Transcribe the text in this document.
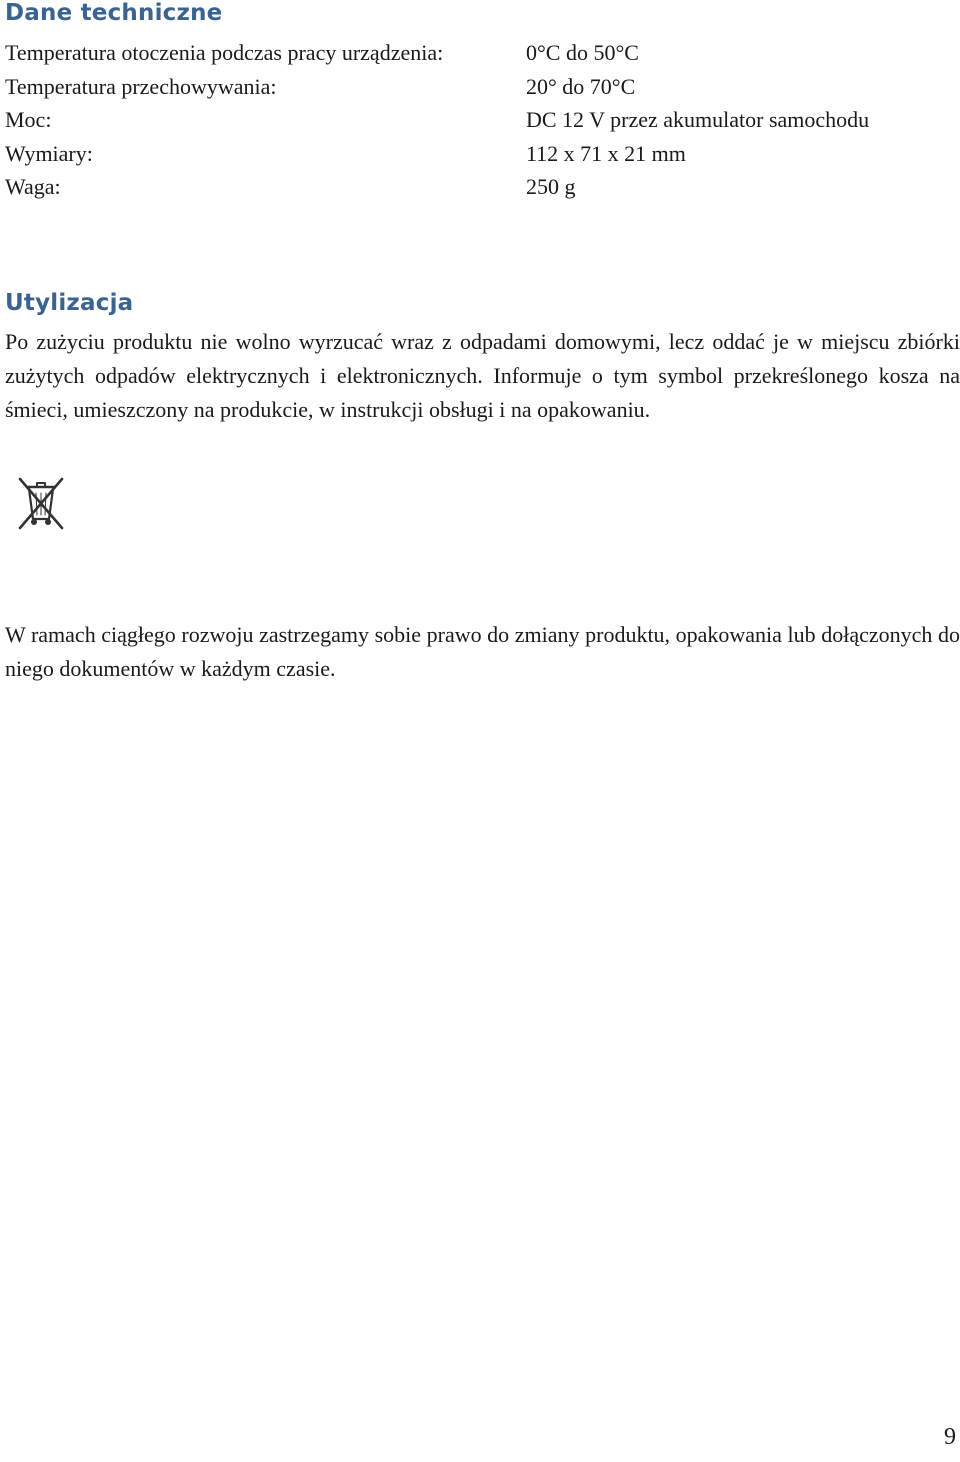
Dane techniczne
Temperatura otoczenia podczas pracy urządzenia:	0°C do 50°C
Temperatura przechowywania:	20° do 70°C
Moc:	DC 12 V przez akumulator samochodu
Wymiary:	112 x 71 x 21 mm
Waga:	250 g
Utylizacja

Po zużyciu produktu nie wolno wyrzucać wraz z odpadami domowymi, lecz oddać je w miejscu zbiórki zużytych odpadów elektrycznych i elektronicznych. Informuje o tym symbol przekreślonego kosza na śmieci, umieszczony na produkcie, w instrukcji obsługi i na opakowaniu.

W ramach ciągłego rozwoju zastrzegamy sobie prawo do zmiany produktu, opakowania lub dołączonych do niego dokumentów w każdym czasie.

9
